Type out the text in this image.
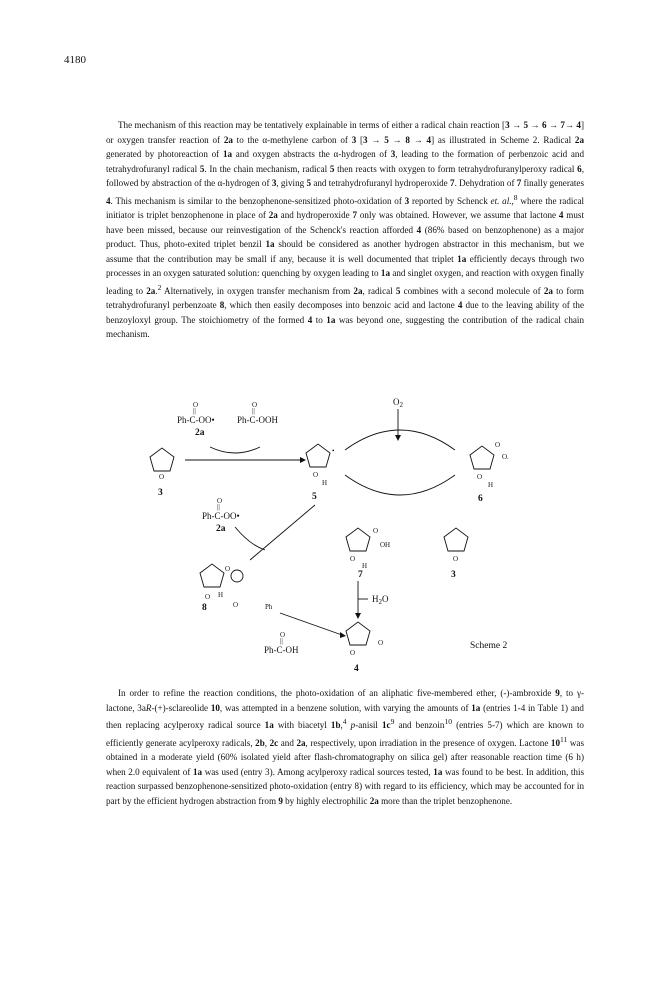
4180

The mechanism of this reaction may be tentatively explainable in terms of either a radical chain reaction [3 → 5 → 6 → 7→ 4] or oxygen transfer reaction of 2a to the α-methylene carbon of 3 [3 → 5 → 8 → 4] as illustrated in Scheme 2. Radical 2a generated by photoreaction of 1a and oxygen abstracts the α-hydrogen of 3, leading to the formation of perbenzoic acid and tetrahydrofuranyl radical 5. In the chain mechanism, radical 5 then reacts with oxygen to form tetrahydrofuranylperoxy radical 6, followed by abstraction of the α-hydrogen of 3, giving 5 and tetrahydrofuranyl hydroperoxide 7. Dehydration of 7 finally generates 4. This mechanism is similar to the benzophenone-sensitized photo-oxidation of 3 reported by Schenck et. al.,$^8$ where the radical initiator is triplet benzophenone in place of 2a and hydroperoxide 7 only was obtained. However, we assume that lactone 4 must have been missed, because our reinvestigation of the Schenck's reaction afforded 4 (86% based on benzophenone) as a major product. Thus, photo-exited triplet benzil 1a should be considered as another hydrogen abstractor in this mechanism, but we assume that the contribution may be small if any, because it is well documented that triplet 1a efficiently decays through two processes in an oxygen saturated solution: quenching by oxygen leading to 1a and singlet oxygen, and reaction with oxygen finally leading to 2a.$^2$ Alternatively, in oxygen transfer mechanism from 2a, radical 5 combines with a second molecule of 2a to form tetrahydrofuranyl perbenzoate 8, which then easily decomposes into benzoic acid and lactone 4 due to the leaving ability of the benzoyloxyl group. The stoichiometry of the formed 4 to 1a was beyond one, suggesting the contribution of the radical chain mechanism.

O
||
Ph-C-OO•
2a
O
||
Ph-C-OOH
O
3
•
O
H
5
$O_2$
O
O.
O
H
6
O
||
Ph-C-OO•
2a
O
O H
O	Ph
8
O
OH
O
H
7
O
3
$H_2O$
O
O
4
O
||
Ph-C-OH	Scheme 2

In order to refine the reaction conditions, the photo-oxidation of an aliphatic five-membered ether, (-)-ambroxide 9, to γ-lactone, 3aR-(+)-sclareolide 10, was attempted in a benzene solution, with varying the amounts of 1a (entries 1-4 in Table 1) and then replacing acylperoxy radical source 1a with biacetyl 1b,$^4$ p-anisil $1c^9$ and benzoin$^{10}$ (entries 5-7) which are known to efficiently generate acylperoxy radicals, 2b, 2c and 2a, respectively, upon irradiation in the presence of oxygen. Lactone $10^{11}$ was obtained in a moderate yield (60% isolated yield after flash-chromatography on silica gel) after reasonable reaction time (6 h) when 2.0 equivalent of 1a was used (entry 3). Among acylperoxy radical sources tested, 1a was found to be best. In addition, this reaction surpassed benzophenone-sensitized photo-oxidation (entry 8) with regard to its efficiency, which may be accounted for in part by the efficient hydrogen abstraction from 9 by highly electrophilic 2a more than the triplet benzophenone.
